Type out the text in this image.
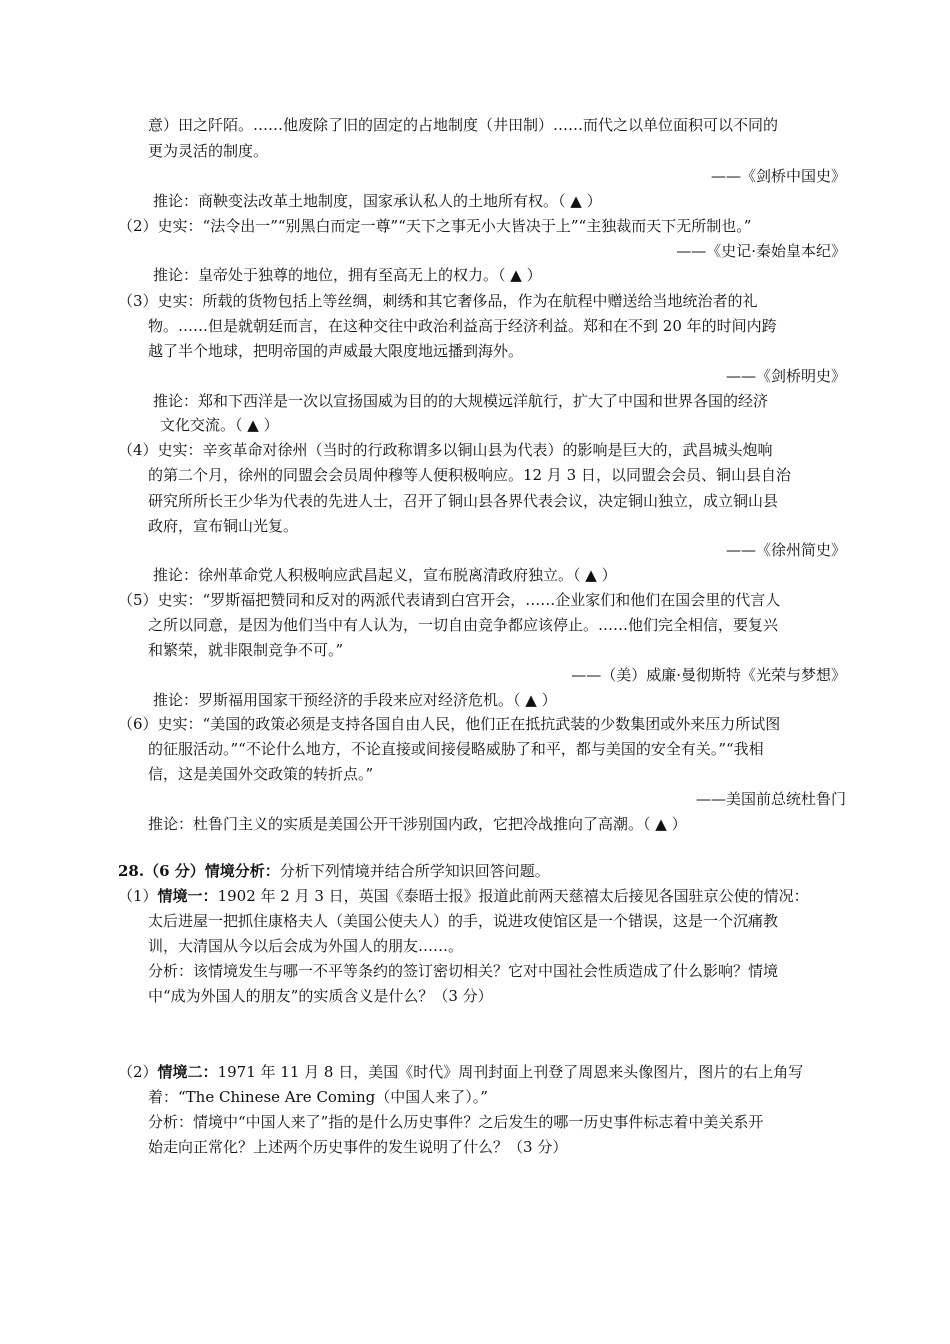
意）田之阡陌。……他废除了旧的固定的占地制度（井田制）……而代之以单位面积可以不同的
更为灵活的制度。
——《剑桥中国史》
推论：商鞅变法改革土地制度，国家承认私人的土地所有权。（ ▲ ）
（2）史实：“法令出一”“别黑白而定一尊”“天下之事无小大皆决于上”“主独裁而天下无所制也。”
——《史记·秦始皇本纪》
推论：皇帝处于独尊的地位，拥有至高无上的权力。（ ▲ ）
（3）史实：所载的货物包括上等丝绸，刺绣和其它奢侈品，作为在航程中赠送给当地统治者的礼
物。……但是就朝廷而言，在这种交往中政治利益高于经济利益。郑和在不到 20 年的时间内跨
越了半个地球，把明帝国的声威最大限度地远播到海外。
——《剑桥明史》
推论：郑和下西洋是一次以宣扬国威为目的的大规模远洋航行，扩大了中国和世界各国的经济
文化交流。（ ▲ ）
（4）史实：辛亥革命对徐州（当时的行政称谓多以铜山县为代表）的影响是巨大的，武昌城头炮响
的第二个月，徐州的同盟会会员周仲穆等人便积极响应。12 月 3 日，以同盟会会员、铜山县自治
研究所所长王少华为代表的先进人士，召开了铜山县各界代表会议，决定铜山独立，成立铜山县
政府，宣布铜山光复。
——《徐州简史》
推论：徐州革命党人积极响应武昌起义，宣布脱离清政府独立。（ ▲ ）
（5）史实：“罗斯福把赞同和反对的两派代表请到白宫开会，……企业家们和他们在国会里的代言人
之所以同意，是因为他们当中有人认为，一切自由竞争都应该停止。……他们完全相信，要复兴
和繁荣，就非限制竞争不可。”
——（美）威廉·曼彻斯特《光荣与梦想》
推论：罗斯福用国家干预经济的手段来应对经济危机。（ ▲ ）
（6）史实：“美国的政策必须是支持各国自由人民，他们正在抵抗武装的少数集团或外来压力所试图
的征服活动。”“不论什么地方，不论直接或间接侵略威胁了和平，都与美国的安全有关。”“我相
信，这是美国外交政策的转折点。”
——美国前总统杜鲁门
推论：杜鲁门主义的实质是美国公开干涉别国内政，它把冷战推向了高潮。（ ▲ ）
28.（6 分）情境分析：分析下列情境并结合所学知识回答问题。
（1）情境一：1902 年 2 月 3 日，英国《泰晤士报》报道此前两天慈禧太后接见各国驻京公使的情况：
太后进屋一把抓住康格夫人（美国公使夫人）的手，说进攻使馆区是一个错误，这是一个沉痛教
训，大清国从今以后会成为外国人的朋友……。
分析：该情境发生与哪一不平等条约的签订密切相关？它对中国社会性质造成了什么影响？情境
中“成为外国人的朋友”的实质含义是什么？（3 分）
（2）情境二：1971 年 11 月 8 日，美国《时代》周刊封面上刊登了周恩来头像图片，图片的右上角写
着：“The Chinese Are Coming（中国人来了）。”
分析：情境中“中国人来了”指的是什么历史事件？之后发生的哪一历史事件标志着中美关系开
始走向正常化？上述两个历史事件的发生说明了什么？（3 分）
